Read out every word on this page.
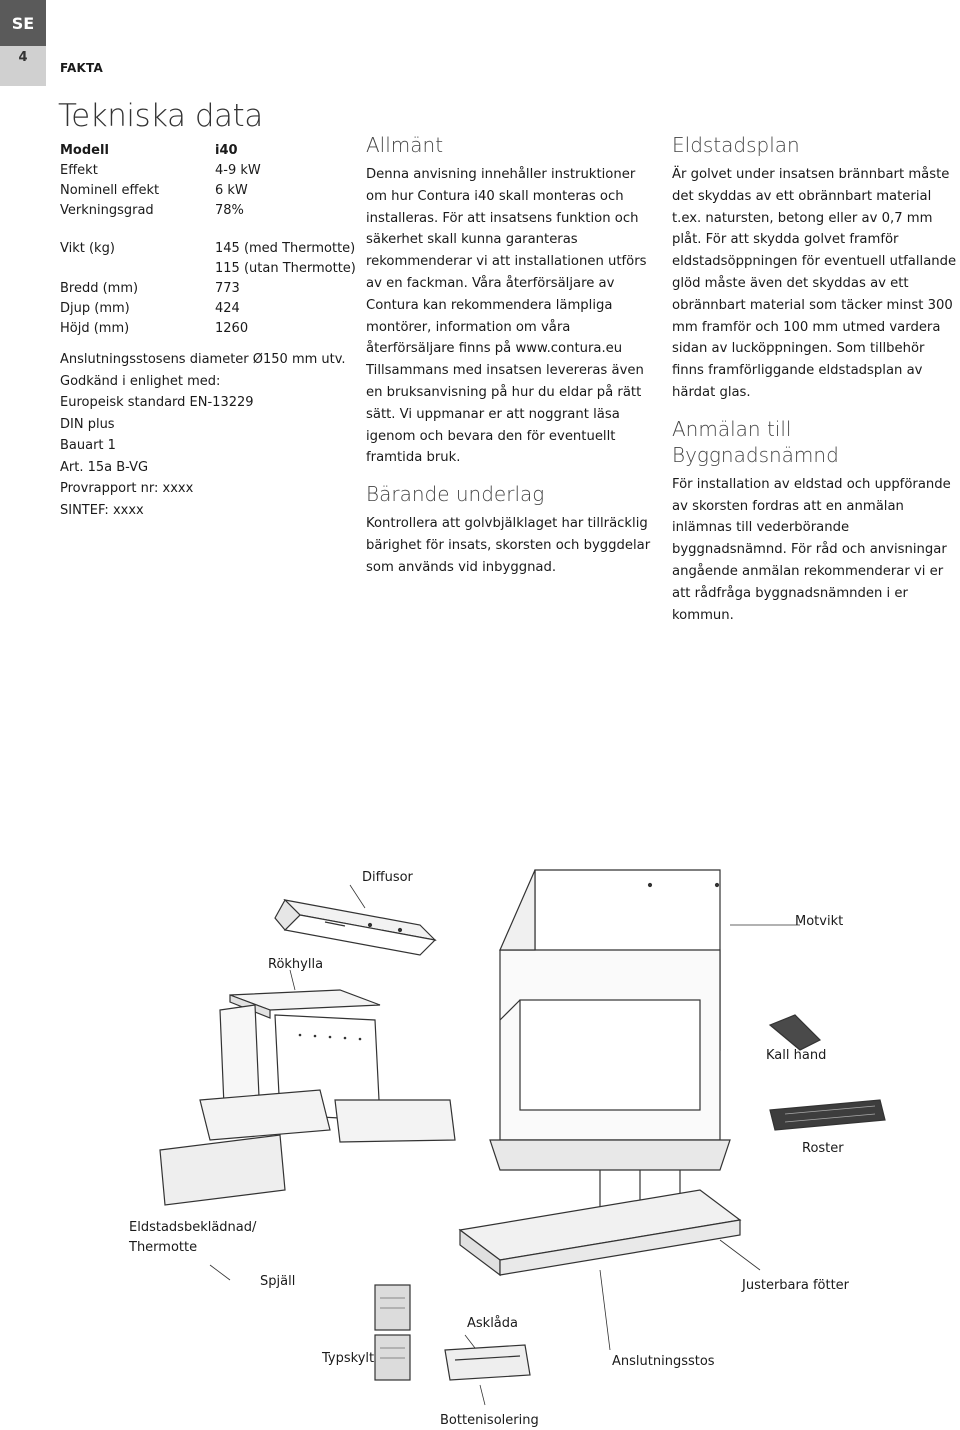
SE
4
FAKTA
Tekniska data
Modell	i40
Effekt	4-9 kW
Nominell effekt	6 kW
Verkningsgrad	78%
Vikt (kg)	145 (med Thermotte)
115 (utan Thermotte)
Bredd (mm)	773
Djup (mm)	424
Höjd (mm)	1260
Anslutningsstosens diameter Ø150 mm utv.
Godkänd i enlighet med:
Europeisk standard EN-13229
DIN plus
Bauart 1
Art. 15a B-VG
Provrapport nr: xxxx
SINTEF: xxxx
Allmänt

Denna anvisning innehåller instruktioner om hur Contura i40 skall monteras och installeras. För att insatsens funktion och säkerhet skall kunna garanteras rekommenderar vi att installationen utförs av en fackman. Våra återförsäljare av Contura kan rekommendera lämpliga montörer, information om våra återförsäljare finns på www.contura.eu

Tillsammans med insatsen levereras även en bruksanvisning på hur du eldar på rätt sätt. Vi uppmanar er att noggrant läsa igenom och bevara den för eventuellt framtida bruk.

Bärande underlag

Kontrollera att golvbjälklaget har tillräcklig bärighet för insats, skorsten och byggdelar som används vid inbyggnad.

Eldstadsplan

Är golvet under insatsen brännbart måste det skyddas av ett obrännbart material t.ex. natursten, betong eller av 0,7 mm plåt. För att skydda golvet framför eldstadsöppningen för eventuell utfallande glöd måste även det skyddas av ett obrännbart material som täcker minst 300 mm framför och 100 mm utmed vardera sidan av lucköppningen. Som tillbehör finns framförliggande eldstadsplan av härdat glas.

Anmälan till Byggnadsnämnd

För installation av eldstad och uppförande av skorsten fordras att en anmälan inlämnas till vederbörande byggnadsnämnd. För råd och anvisningar angående anmälan rekommenderar vi er att rådfråga byggnadsnämnden i er kommun.

Diffusor
Motvikt
Rökhylla
Kall hand
Roster
Eldstadsbeklädnad/
Thermotte
Spjäll	Justerbara fötter
Asklåda
Typskylt	Anslutningsstos
Bottenisolering
